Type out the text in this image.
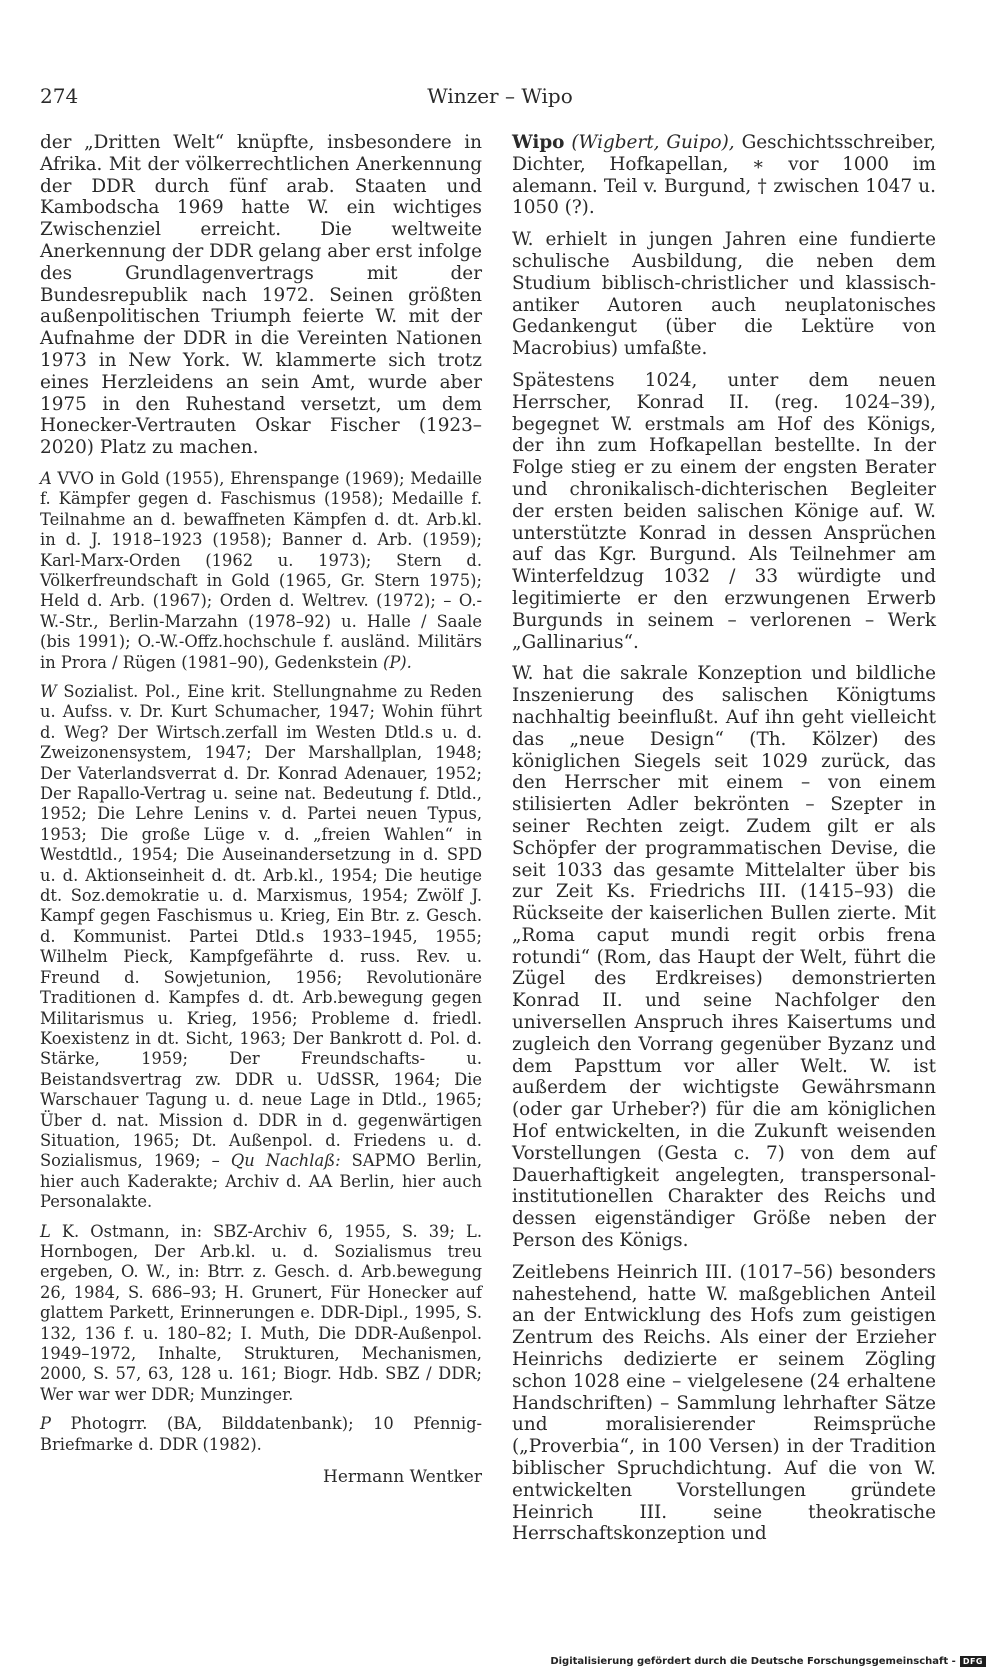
274	Winzer – Wipo

der „Dritten Welt“ knüpfte, insbesondere in Afrika. Mit der völkerrechtlichen Anerkennung der DDR durch fünf arab. Staaten und Kambodscha 1969 hatte W. ein wichtiges Zwischenziel erreicht. Die weltweite Anerkennung der DDR gelang aber erst infolge des Grundlagenvertrags mit der Bundesrepublik nach 1972. Seinen größten außenpolitischen Triumph feierte W. mit der Aufnahme der DDR in die Vereinten Nationen 1973 in New York. W. klammerte sich trotz eines Herzleidens an sein Amt, wurde aber 1975 in den Ruhestand versetzt, um dem Honecker-Vertrauten Oskar Fischer (1923–2020) Platz zu machen.

A VVO in Gold (1955), Ehrenspange (1969); Medaille f. Kämpfer gegen d. Faschismus (1958); Medaille f. Teilnahme an d. bewaffneten Kämpfen d. dt. Arb.kl. in d. J. 1918–1923 (1958); Banner d. Arb. (1959); Karl-Marx-Orden (1962 u. 1973); Stern d. Völkerfreundschaft in Gold (1965, Gr. Stern 1975); Held d. Arb. (1967); Orden d. Weltrev. (1972); – O.-W.-Str., Berlin-Marzahn (1978–92) u. Halle / Saale (bis 1991); O.-W.-Offz.hochschule f. ausländ. Militärs in Prora / Rügen (1981–90), Gedenkstein (P).

W Sozialist. Pol., Eine krit. Stellungnahme zu Reden u. Aufss. v. Dr. Kurt Schumacher, 1947; Wohin führt d. Weg? Der Wirtsch.zerfall im Westen Dtld.s u. d. Zweizonensystem, 1947; Der Marshallplan, 1948; Der Vaterlandsverrat d. Dr. Konrad Adenauer, 1952; Der Rapallo-Vertrag u. seine nat. Bedeutung f. Dtld., 1952; Die Lehre Lenins v. d. Partei neuen Typus, 1953; Die große Lüge v. d. „freien Wahlen“ in Westdtld., 1954; Die Auseinandersetzung in d. SPD u. d. Aktionseinheit d. dt. Arb.kl., 1954; Die heutige dt. Soz.demokratie u. d. Marxismus, 1954; Zwölf J. Kampf gegen Faschismus u. Krieg, Ein Btr. z. Gesch. d. Kommunist. Partei Dtld.s 1933–1945, 1955; Wilhelm Pieck, Kampfgefährte d. russ. Rev. u. Freund d. Sowjetunion, 1956; Revolutionäre Traditionen d. Kampfes d. dt. Arb.bewegung gegen Militarismus u. Krieg, 1956; Probleme d. friedl. Koexistenz in dt. Sicht, 1963; Der Bankrott d. Pol. d. Stärke, 1959; Der Freundschafts- u. Beistandsvertrag zw. DDR u. UdSSR, 1964; Die Warschauer Tagung u. d. neue Lage in Dtld., 1965; Über d. nat. Mission d. DDR in d. gegenwärtigen Situation, 1965; Dt. Außenpol. d. Friedens u. d. Sozialismus, 1969; – Qu Nachlaß: SAPMO Berlin, hier auch Kaderakte; Archiv d. AA Berlin, hier auch Personalakte.

L K. Ostmann, in: SBZ-Archiv 6, 1955, S. 39; L. Hornbogen, Der Arb.kl. u. d. Sozialismus treu ergeben, O. W., in: Btrr. z. Gesch. d. Arb.bewegung 26, 1984, S. 686–93; H. Grunert, Für Honecker auf glattem Parkett, Erinnerungen e. DDR-Dipl., 1995, S. 132, 136 f. u. 180–82; I. Muth, Die DDR-Außenpol. 1949–1972, Inhalte, Strukturen, Mechanismen, 2000, S. 57, 63, 128 u. 161; Biogr. Hdb. SBZ / DDR; Wer war wer DDR; Munzinger.

P Photogrr. (BA, Bilddatenbank); 10 Pfennig-Briefmarke d. DDR (1982).

Hermann Wentker

Wipo (Wigbert, Guipo), Geschichtsschreiber, Dichter, Hofkapellan, ∗ vor 1000 im alemann. Teil v. Burgund, † zwischen 1047 u. 1050 (?).

W. erhielt in jungen Jahren eine fundierte schulische Ausbildung, die neben dem Studium biblisch-christlicher und klassisch-antiker Autoren auch neuplatonisches Gedankengut (über die Lektüre von Macrobius) umfaßte.

Spätestens 1024, unter dem neuen Herrscher, Konrad II. (reg. 1024–39), begegnet W. erstmals am Hof des Königs, der ihn zum Hofkapellan bestellte. In der Folge stieg er zu einem der engsten Berater und chronikalisch-dichterischen Begleiter der ersten beiden salischen Könige auf. W. unterstützte Konrad in dessen Ansprüchen auf das Kgr. Burgund. Als Teilnehmer am Winterfeldzug 1032 / 33 würdigte und legitimierte er den erzwungenen Erwerb Burgunds in seinem – verlorenen – Werk „Gallinarius“.

W. hat die sakrale Konzeption und bildliche Inszenierung des salischen Königtums nachhaltig beeinflußt. Auf ihn geht vielleicht das „neue Design“ (Th. Kölzer) des königlichen Siegels seit 1029 zurück, das den Herrscher mit einem – von einem stilisierten Adler bekrönten – Szepter in seiner Rechten zeigt. Zudem gilt er als Schöpfer der programmatischen Devise, die seit 1033 das gesamte Mittelalter über bis zur Zeit Ks. Friedrichs III. (1415–93) die Rückseite der kaiserlichen Bullen zierte. Mit „Roma caput mundi regit orbis frena rotundi“ (Rom, das Haupt der Welt, führt die Zügel des Erdkreises) demonstrierten Konrad II. und seine Nachfolger den universellen Anspruch ihres Kaisertums und zugleich den Vorrang gegenüber Byzanz und dem Papsttum vor aller Welt. W. ist außerdem der wichtigste Gewährsmann (oder gar Urheber?) für die am königlichen Hof entwickelten, in die Zukunft weisenden Vorstellungen (Gesta c. 7) von dem auf Dauerhaftigkeit angelegten, transpersonal-institutionellen Charakter des Reichs und dessen eigenständiger Größe neben der Person des Königs.

Zeitlebens Heinrich III. (1017–56) besonders nahestehend, hatte W. maßgeblichen Anteil an der Entwicklung des Hofs zum geistigen Zentrum des Reichs. Als einer der Erzieher Heinrichs dedizierte er seinem Zögling schon 1028 eine – vielgelesene (24 erhaltene Handschriften) – Sammlung lehrhafter Sätze und moralisierender Reimsprüche („Proverbia“, in 100 Versen) in der Tradition biblischer Spruchdichtung. Auf die von W. entwickelten Vorstellungen gründete Heinrich III. seine theokratische Herrschaftskonzeption und

Digitalisierung gefördert durch die Deutsche Forschungsgemeinschaft - DFG
